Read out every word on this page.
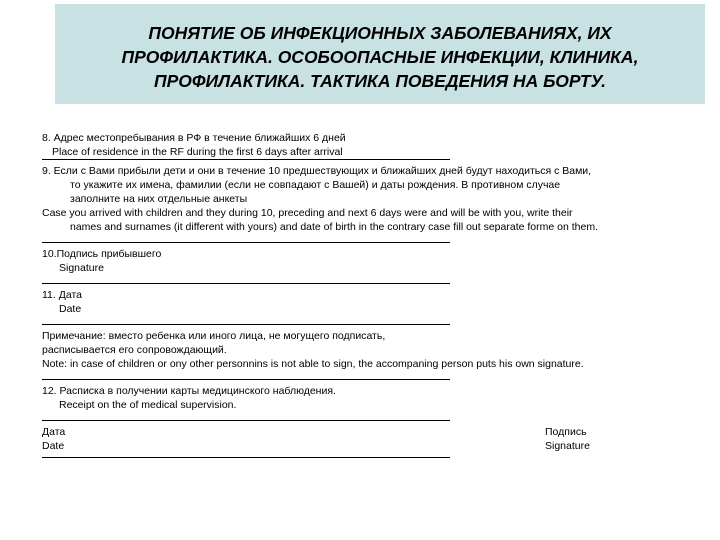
ПОНЯТИЕ ОБ ИНФЕКЦИОННЫХ ЗАБОЛЕВАНИЯХ, ИХ
ПРОФИЛАКТИКА. ОСОБООПАСНЫЕ ИНФЕКЦИИ, КЛИНИКА,
ПРОФИЛАКТИКА. ТАКТИКА ПОВЕДЕНИЯ НА БОРТУ.
8. Адрес местопребывания в РФ в течение ближайших 6 дней
Place of residence in the RF during the first 6 days after arrival
9. Если с Вами прибыли дети и они в течение 10 предшествующих и ближайших дней будут находиться с Вами,
то укажите их имена, фамилии (если не совпадают с Вашей) и даты рождения. В противном случае
заполните на них отдельные анкеты
Case you arrived with children and they during 10, preceding and next 6 days were and will be with you, write their
names and surnames (it different with yours) and date of birth in the contrary case fill out separate forme on them.
10.Подпись прибывшего
Signature
11. Дата
Date
Примечание: вместо ребенка или иного лица, не могущего подписать,
расписывается его сопровождающий.
Note: in case of children or ony other personnins is not able to sign, the accompaning person puts his own signature.
12. Расписка в получении карты медицинского наблюдения.
Receipt on the of medical supervision.
Дата
Date
Подпись
Signature
